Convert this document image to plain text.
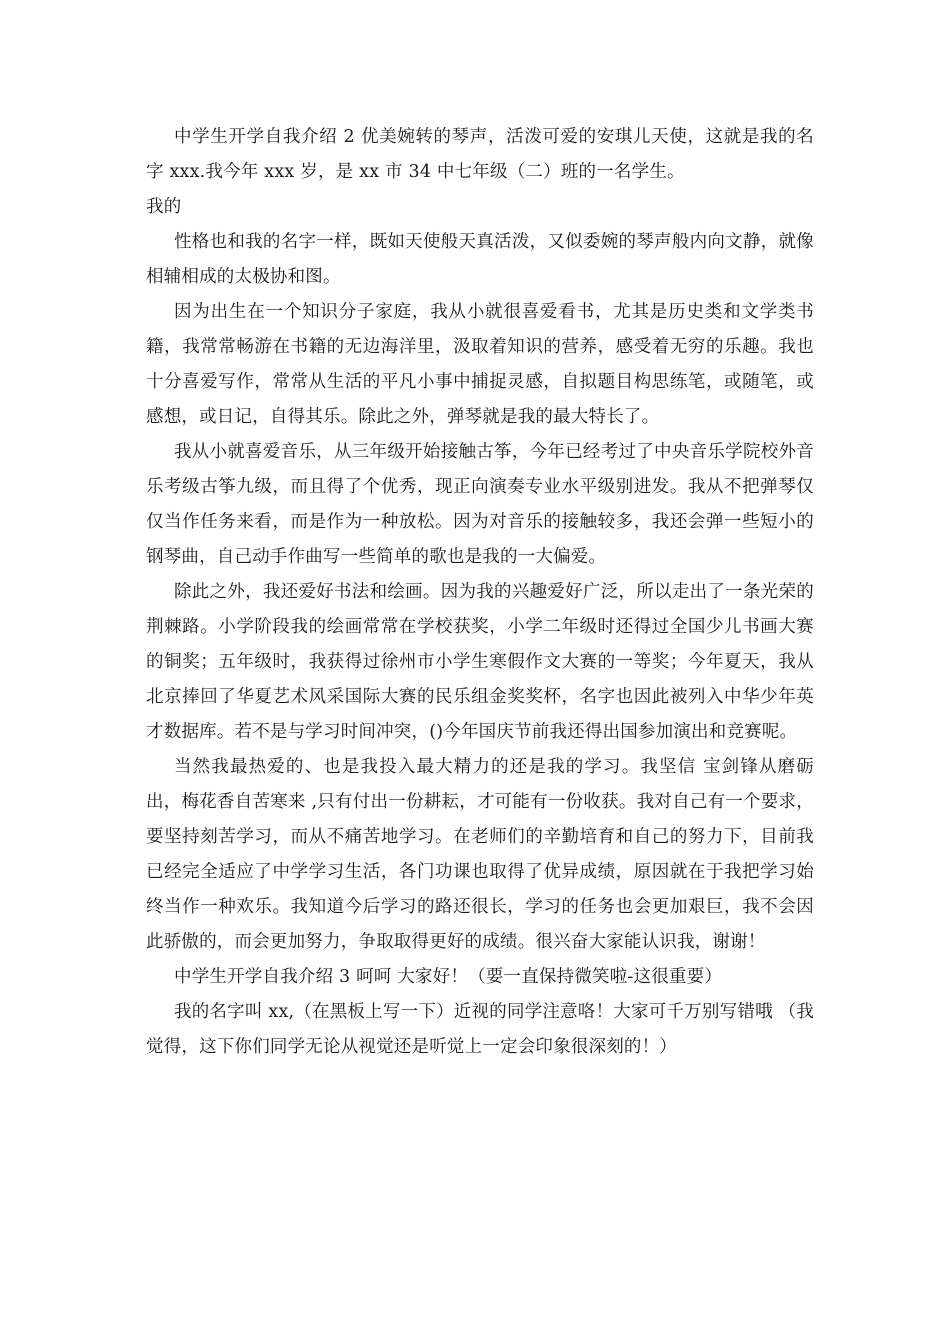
中学生开学自我介绍 2 优美婉转的琴声，活泼可爱的安琪儿天使，这就是我的名字 xxx.我今年 xxx 岁，是 xx 市 34 中七年级（二）班的一名学生。

我的

性格也和我的名字一样，既如天使般天真活泼，又似委婉的琴声般内向文静，就像相辅相成的太极协和图。

因为出生在一个知识分子家庭，我从小就很喜爱看书，尤其是历史类和文学类书籍，我常常畅游在书籍的无边海洋里，汲取着知识的营养，感受着无穷的乐趣。我也十分喜爱写作，常常从生活的平凡小事中捕捉灵感，自拟题目构思练笔，或随笔，或感想，或日记，自得其乐。除此之外，弹琴就是我的最大特长了。

我从小就喜爱音乐，从三年级开始接触古筝，今年已经考过了中央音乐学院校外音乐考级古筝九级，而且得了个优秀，现正向演奏专业水平级别进发。我从不把弹琴仅仅当作任务来看，而是作为一种放松。因为对音乐的接触较多，我还会弹一些短小的钢琴曲，自己动手作曲写一些简单的歌也是我的一大偏爱。

除此之外，我还爱好书法和绘画。因为我的兴趣爱好广泛，所以走出了一条光荣的荆棘路。小学阶段我的绘画常常在学校获奖，小学二年级时还得过全国少儿书画大赛的铜奖；五年级时，我获得过徐州市小学生寒假作文大赛的一等奖；今年夏天，我从北京捧回了华夏艺术风采国际大赛的民乐组金奖奖杯，名字也因此被列入中华少年英才数据库。若不是与学习时间冲突，()今年国庆节前我还得出国参加演出和竞赛呢。

当然我最热爱的、也是我投入最大精力的还是我的学习。我坚信 宝剑锋从磨砺出，梅花香自苦寒来 ,只有付出一份耕耘，才可能有一份收获。我对自己有一个要求，要坚持刻苦学习，而从不痛苦地学习。在老师们的辛勤培育和自己的努力下，目前我已经完全适应了中学学习生活，各门功课也取得了优异成绩，原因就在于我把学习始终当作一种欢乐。我知道今后学习的路还很长，学习的任务也会更加艰巨，我不会因此骄傲的，而会更加努力，争取取得更好的成绩。很兴奋大家能认识我，谢谢！

中学生开学自我介绍 3 呵呵 大家好！（要一直保持微笑啦-这很重要）

我的名字叫 xx,（在黑板上写一下）近视的同学注意咯！大家可千万别写错哦 （我觉得，这下你们同学无论从视觉还是听觉上一定会印象很深刻的！）
